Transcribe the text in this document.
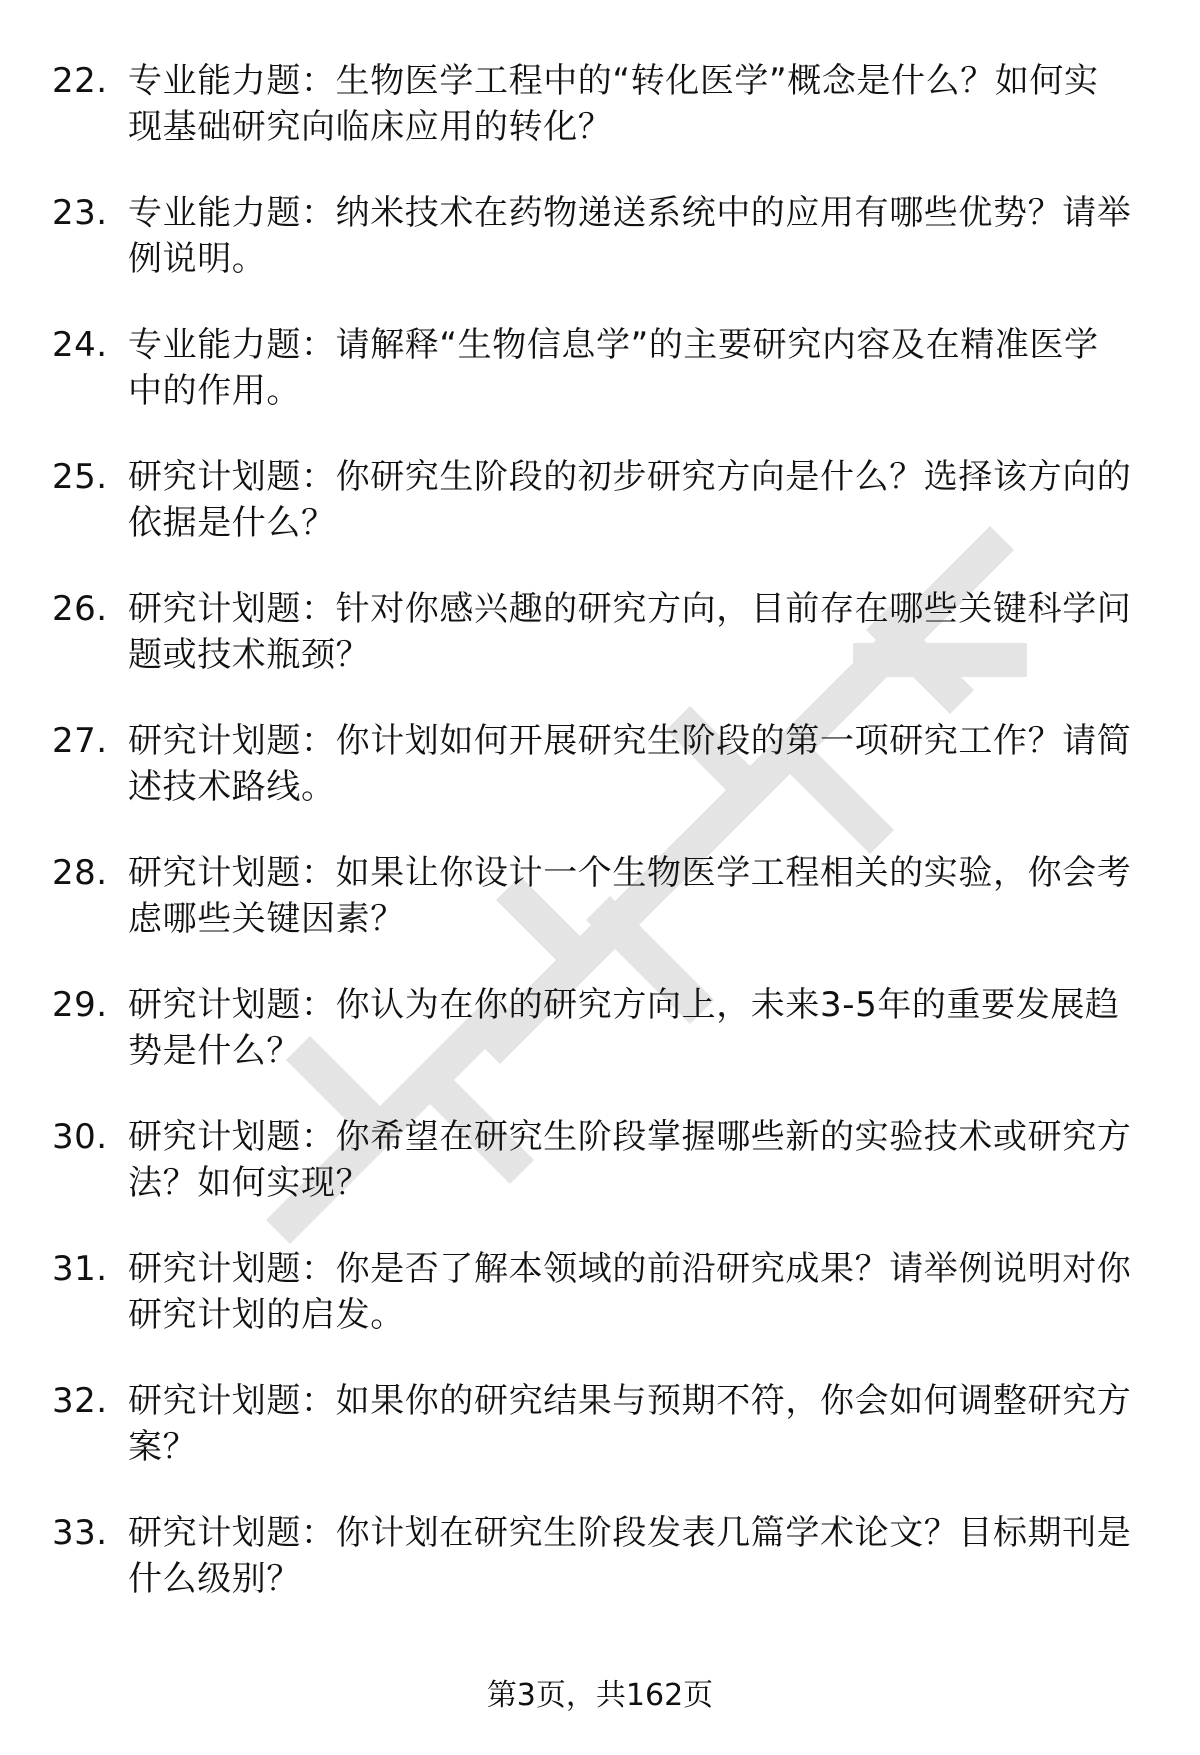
22. 专业能力题：生物医学工程中的“转化医学”概念是什么？如何实现基础研究向临床应用的转化？
23. 专业能力题：纳米技术在药物递送系统中的应用有哪些优势？请举例说明。
24. 专业能力题：请解释“生物信息学”的主要研究内容及在精准医学中的作用。
25. 研究计划题：你研究生阶段的初步研究方向是什么？选择该方向的依据是什么？
26. 研究计划题：针对你感兴趣的研究方向，目前存在哪些关键科学问题或技术瓶颈？
27. 研究计划题：你计划如何开展研究生阶段的第一项研究工作？请简述技术路线。
28. 研究计划题：如果让你设计一个生物医学工程相关的实验，你会考虑哪些关键因素？
29. 研究计划题：你认为在你的研究方向上，未来3-5年的重要发展趋势是什么？
30. 研究计划题：你希望在研究生阶段掌握哪些新的实验技术或研究方法？如何实现？
31. 研究计划题：你是否了解本领域的前沿研究成果？请举例说明对你研究计划的启发。
32. 研究计划题：如果你的研究结果与预期不符，你会如何调整研究方案？
33. 研究计划题：你计划在研究生阶段发表几篇学术论文？目标期刊是什么级别？
第3页，共162页
